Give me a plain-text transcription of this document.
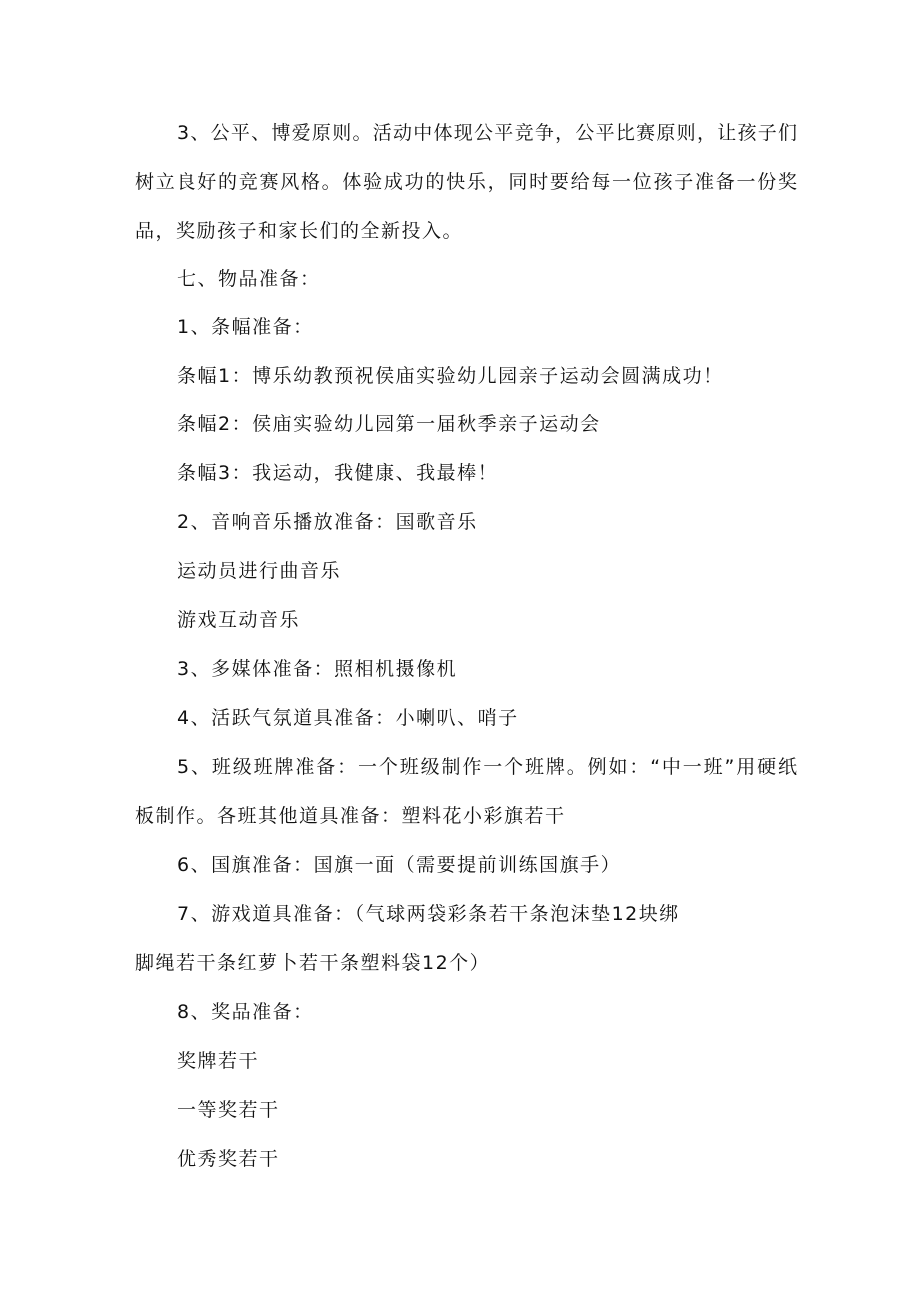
3、公平、博爱原则。活动中体现公平竞争，公平比赛原则，让孩子们
树立良好的竞赛风格。体验成功的快乐，同时要给每一位孩子准备一份奖
品，奖励孩子和家长们的全新投入。
七、物品准备：
1、条幅准备：
条幅1：博乐幼教预祝侯庙实验幼儿园亲子运动会圆满成功！
条幅2：侯庙实验幼儿园第一届秋季亲子运动会
条幅3：我运动，我健康、我最棒！
2、音响音乐播放准备：国歌音乐
运动员进行曲音乐
游戏互动音乐
3、多媒体准备：照相机摄像机
4、活跃气氛道具准备：小喇叭、哨子
5、班级班牌准备：一个班级制作一个班牌。例如：“中一班”用硬纸
板制作。各班其他道具准备：塑料花小彩旗若干
6、国旗准备：国旗一面（需要提前训练国旗手）
7、游戏道具准备：（气球两袋彩条若干条泡沫垫12块绑
脚绳若干条红萝卜若干条塑料袋12个）
8、奖品准备：
奖牌若干
一等奖若干
优秀奖若干
